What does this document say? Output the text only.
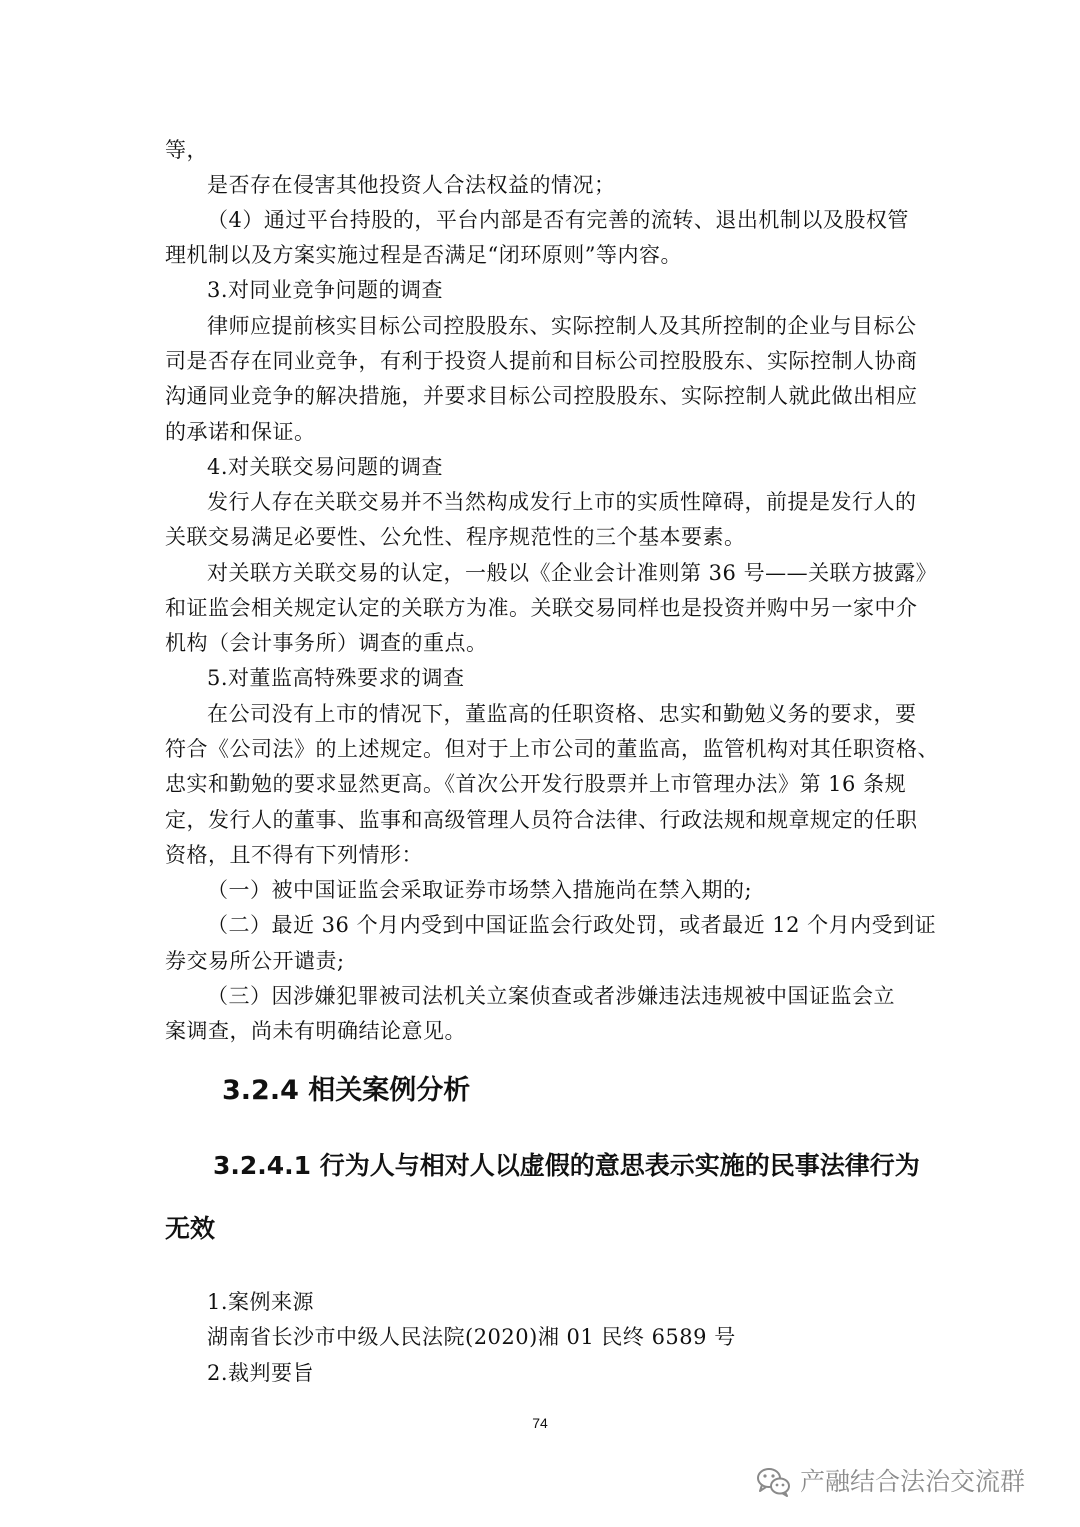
等，
是否存在侵害其他投资人合法权益的情况；
（4）通过平台持股的，平台内部是否有完善的流转、退出机制以及股权管
理机制以及方案实施过程是否满足“闭环原则”等内容。
3.对同业竞争问题的调查
律师应提前核实目标公司控股股东、实际控制人及其所控制的企业与目标公
司是否存在同业竞争，有利于投资人提前和目标公司控股股东、实际控制人协商
沟通同业竞争的解决措施，并要求目标公司控股股东、实际控制人就此做出相应
的承诺和保证。
4.对关联交易问题的调查
发行人存在关联交易并不当然构成发行上市的实质性障碍，前提是发行人的
关联交易满足必要性、公允性、程序规范性的三个基本要素。
对关联方关联交易的认定，一般以《企业会计准则第 36 号——关联方披露》
和证监会相关规定认定的关联方为准。关联交易同样也是投资并购中另一家中介
机构（会计事务所）调查的重点。
5.对董监高特殊要求的调查
在公司没有上市的情况下，董监高的任职资格、忠实和勤勉义务的要求，要
符合《公司法》的上述规定。但对于上市公司的董监高，监管机构对其任职资格、
忠实和勤勉的要求显然更高。《首次公开发行股票并上市管理办法》第 16 条规
定，发行人的董事、监事和高级管理人员符合法律、行政法规和规章规定的任职
资格，且不得有下列情形：
（一）被中国证监会采取证券市场禁入措施尚在禁入期的;
（二）最近 36 个月内受到中国证监会行政处罚，或者最近 12 个月内受到证
券交易所公开谴责;
（三）因涉嫌犯罪被司法机关立案侦查或者涉嫌违法违规被中国证监会立
案调查，尚未有明确结论意见。
3.2.4 相关案例分析
3.2.4.1 行为人与相对人以虚假的意思表示实施的民事法律行为
无效
1.案例来源
湖南省长沙市中级人民法院(2020)湘 01 民终 6589 号
2.裁判要旨
74
产融结合法治交流群
